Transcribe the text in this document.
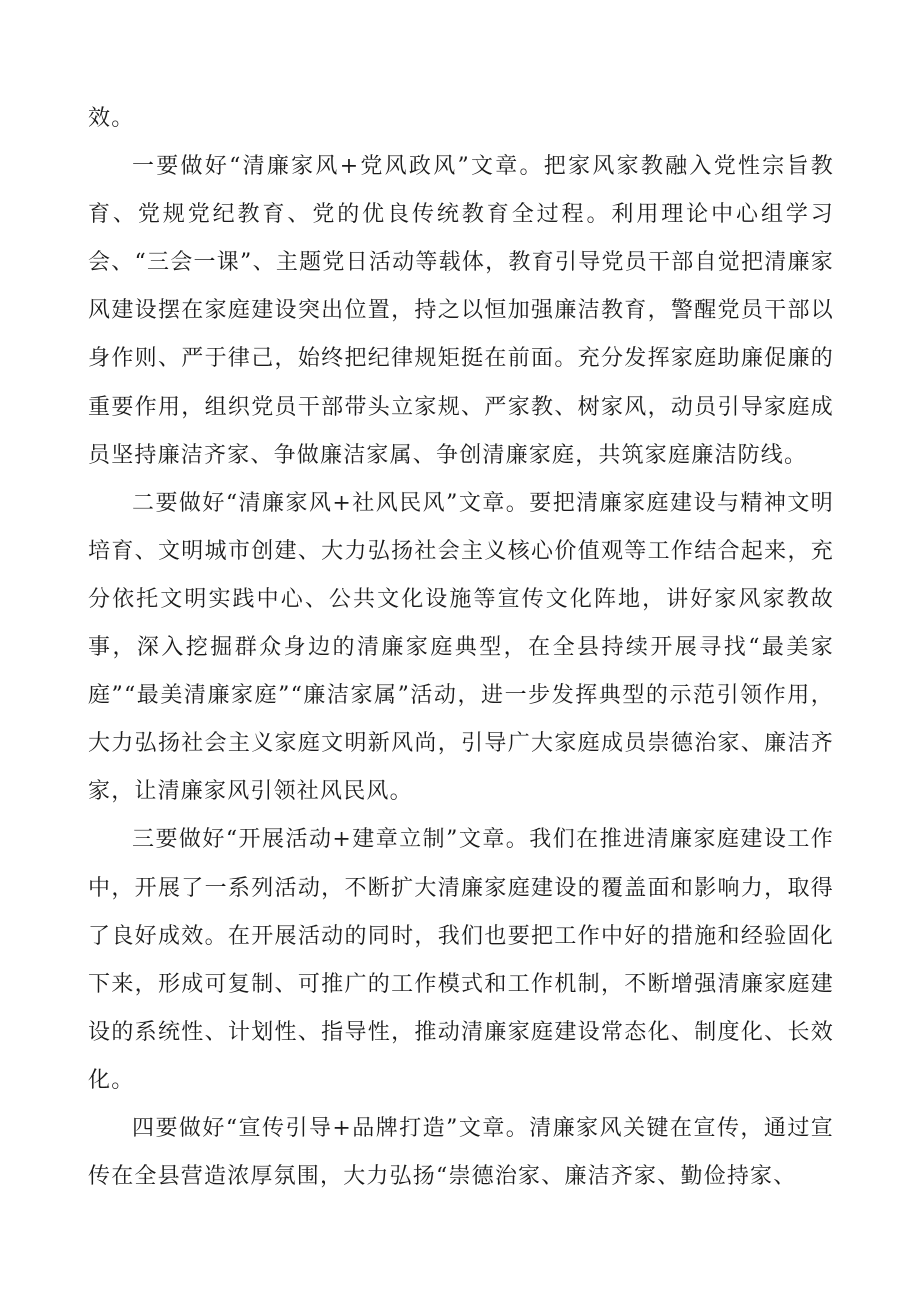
效。

一要做好“清廉家风+党风政风”文章。把家风家教融入党性宗旨教育、党规党纪教育、党的优良传统教育全过程。利用理论中心组学习会、“三会一课”、主题党日活动等载体，教育引导党员干部自觉把清廉家风建设摆在家庭建设突出位置，持之以恒加强廉洁教育，警醒党员干部以身作则、严于律己，始终把纪律规矩挺在前面。充分发挥家庭助廉促廉的重要作用，组织党员干部带头立家规、严家教、树家风，动员引导家庭成员坚持廉洁齐家、争做廉洁家属、争创清廉家庭，共筑家庭廉洁防线。

二要做好“清廉家风+社风民风”文章。要把清廉家庭建设与精神文明培育、文明城市创建、大力弘扬社会主义核心价值观等工作结合起来，充分依托文明实践中心、公共文化设施等宣传文化阵地，讲好家风家教故事，深入挖掘群众身边的清廉家庭典型，在全县持续开展寻找“最美家庭”“最美清廉家庭”“廉洁家属”活动，进一步发挥典型的示范引领作用，大力弘扬社会主义家庭文明新风尚，引导广大家庭成员崇德治家、廉洁齐家，让清廉家风引领社风民风。

三要做好“开展活动+建章立制”文章。我们在推进清廉家庭建设工作中，开展了一系列活动，不断扩大清廉家庭建设的覆盖面和影响力，取得了良好成效。在开展活动的同时，我们也要把工作中好的措施和经验固化下来，形成可复制、可推广的工作模式和工作机制，不断增强清廉家庭建设的系统性、计划性、指导性，推动清廉家庭建设常态化、制度化、长效化。

四要做好“宣传引导+品牌打造”文章。清廉家风关键在宣传，通过宣传在全县营造浓厚氛围，大力弘扬“崇德治家、廉洁齐家、勤俭持家、
